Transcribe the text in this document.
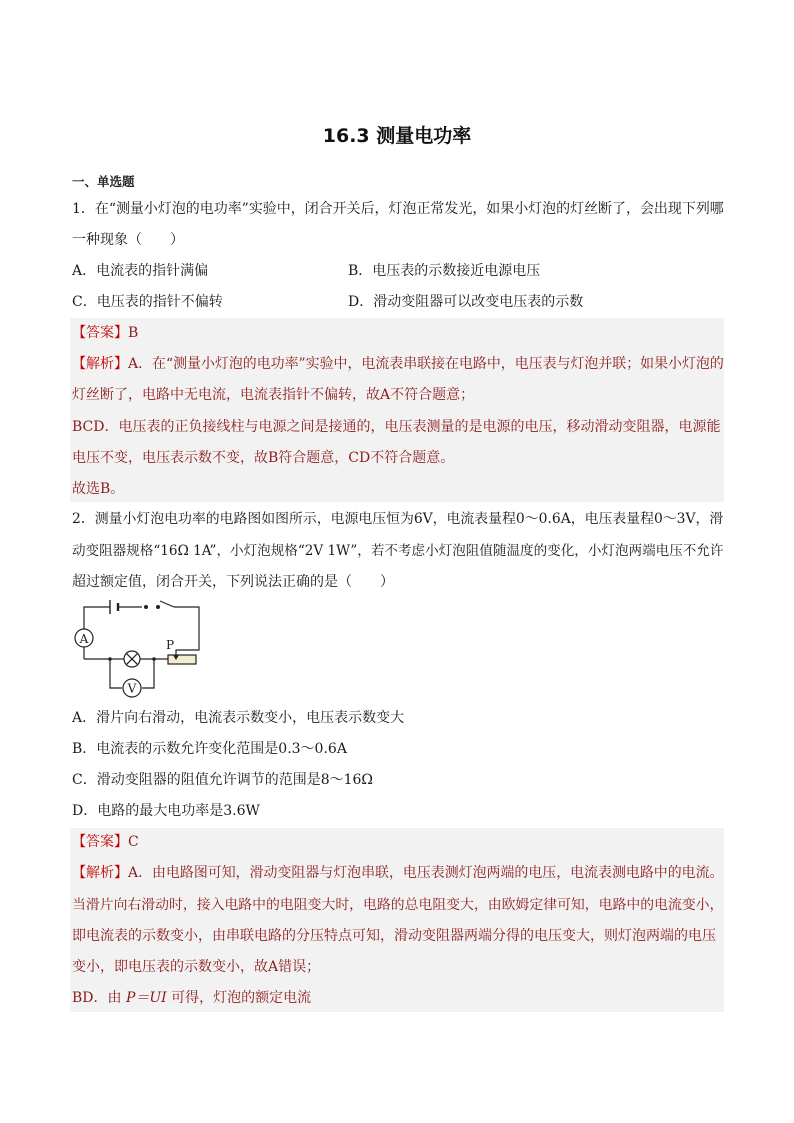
16.3 测量电功率
一、单选题
1．在“测量小灯泡的电功率”实验中，闭合开关后，灯泡正常发光，如果小灯泡的灯丝断了，会出现下列哪
一种现象（　　）
A．电流表的指针满偏	B．电压表的示数接近电源电压
C．电压表的指针不偏转	D．滑动变阻器可以改变电压表的示数
【答案】B
【解析】A．在“测量小灯泡的电功率”实验中，电流表串联接在电路中，电压表与灯泡并联；如果小灯泡的
灯丝断了，电路中无电流，电流表指针不偏转，故A不符合题意；
BCD．电压表的正负接线柱与电源之间是接通的，电压表测量的是电源的电压，移动滑动变阻器，电源能
电压不变，电压表示数不变，故B符合题意，CD不符合题意。
故选B。
2．测量小灯泡电功率的电路图如图所示，电源电压恒为6V，电流表量程0～0.6A，电压表量程0～3V，滑
动变阻器规格“16Ω 1A”，小灯泡规格“2V 1W”，若不考虑小灯泡阻值随温度的变化，小灯泡两端电压不允许
超过额定值，闭合开关，下列说法正确的是（　　）
A
V
P
A．滑片向右滑动，电流表示数变小，电压表示数变大
B．电流表的示数允许变化范围是0.3～0.6A
C．滑动变阻器的阻值允许调节的范围是8～16Ω
D．电路的最大电功率是3.6W
【答案】C
【解析】A．由电路图可知，滑动变阻器与灯泡串联，电压表测灯泡两端的电压，电流表测电路中的电流。
当滑片向右滑动时，接入电路中的电阻变大时，电路的总电阻变大，由欧姆定律可知，电路中的电流变小，
即电流表的示数变小，由串联电路的分压特点可知，滑动变阻器两端分得的电压变大，则灯泡两端的电压
变小，即电压表的示数变小，故A错误；
BD．由 P＝UI 可得，灯泡的额定电流
